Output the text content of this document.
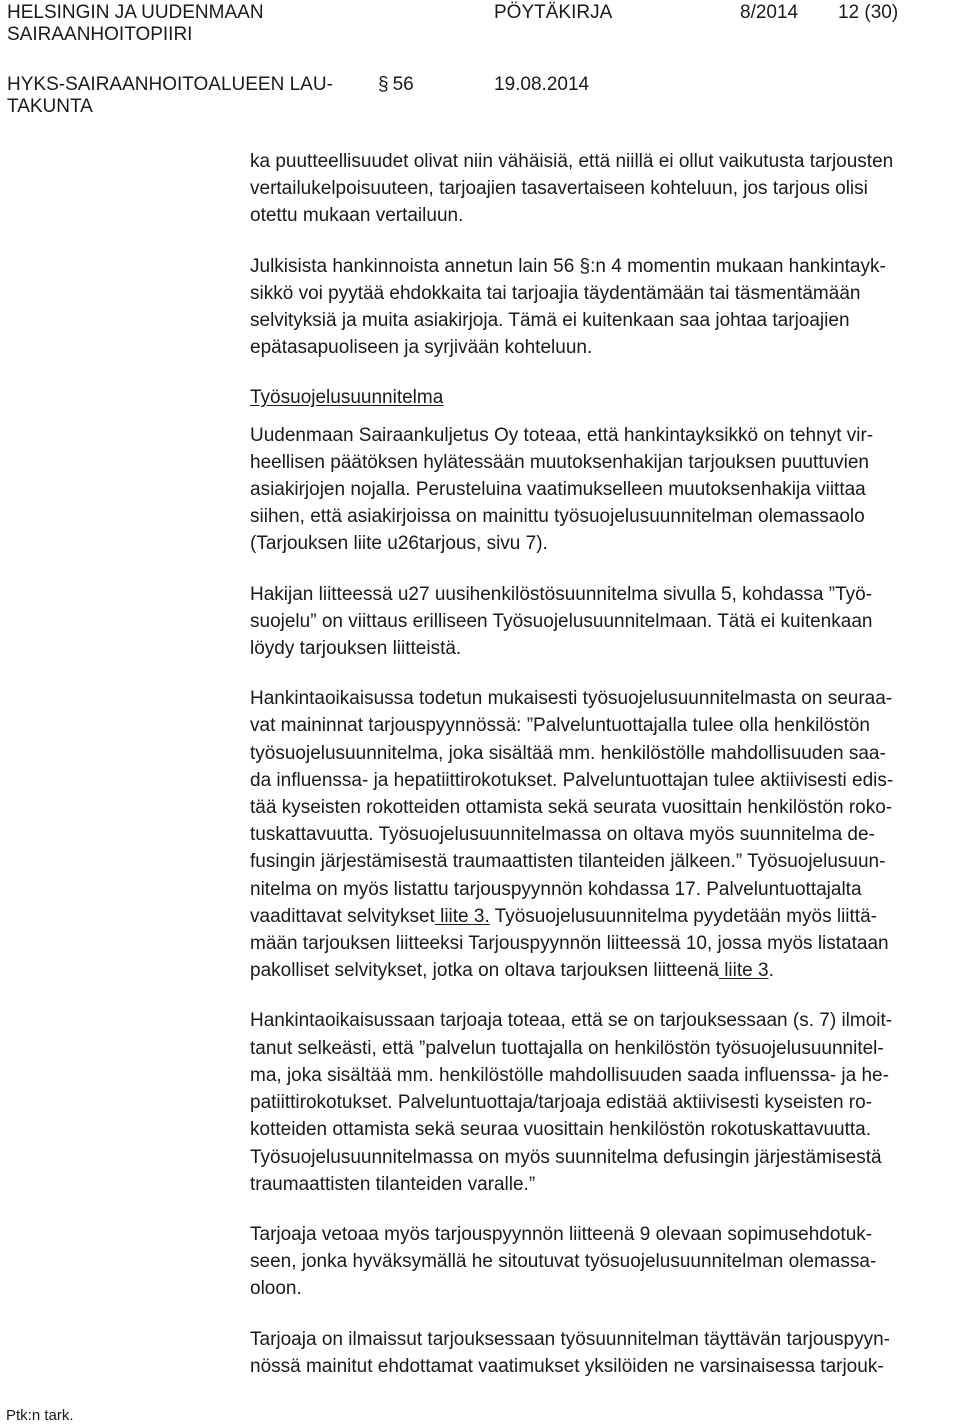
HELSINGIN JA UUDENMAAN
SAIRAANHOITOPIIRI
PÖYTÄKIRJA	8/2014 12 (30)
HYKS-SAIRAANHOITOALUEEN LAU-
TAKUNTA
§ 56	19.08.2014
ka puutteellisuudet olivat niin vähäisiä, että niillä ei ollut vaikutusta tarjousten
vertailukelpoisuuteen, tarjoajien tasavertaiseen kohteluun, jos tarjous olisi
otettu mukaan vertailuun.
Julkisista hankinnoista annetun lain 56 §:n 4 momentin mukaan hankintayk-
sikkö voi pyytää ehdokkaita tai tarjoajia täydentämään tai täsmentämään
selvityksiä ja muita asiakirjoja. Tämä ei kuitenkaan saa johtaa tarjoajien
epätasapuoliseen ja syrjivään kohteluun.
Työsuojelusuunnitelma
Uudenmaan Sairaankuljetus Oy toteaa, että hankintayksikkö on tehnyt vir-
heellisen päätöksen hylätessään muutoksenhakijan tarjouksen puuttuvien
asiakirjojen nojalla. Perusteluina vaatimukselleen muutoksenhakija viittaa
siihen, että asiakirjoissa on mainittu työsuojelusuunnitelman olemassaolo
(Tarjouksen liite u26tarjous, sivu 7).
Hakijan liitteessä u27 uusihenkilöstösuunnitelma sivulla 5, kohdassa ”Työ-
suojelu” on viittaus erilliseen Työsuojelusuunnitelmaan. Tätä ei kuitenkaan
löydy tarjouksen liitteistä.
Hankintaoikaisussa todetun mukaisesti työsuojelusuunnitelmasta on seuraa-
vat maininnat tarjouspyynnössä: ”Palveluntuottajalla tulee olla henkilöstön
työsuojelusuunnitelma, joka sisältää mm. henkilöstölle mahdollisuuden saa-
da influenssa- ja hepatiittirokotukset. Palveluntuottajan tulee aktiivisesti edis-
tää kyseisten rokotteiden ottamista sekä seurata vuosittain henkilöstön roko-
tuskattavuutta. Työsuojelusuunnitelmassa on oltava myös suunnitelma de-
fusingin järjestämisestä traumaattisten tilanteiden jälkeen.” Työsuojelusuun-
nitelma on myös listattu tarjouspyynnön kohdassa 17. Palveluntuottajalta
vaadittavat selvitykset liite 3. Työsuojelusuunnitelma pyydetään myös liittä-
mään tarjouksen liitteeksi Tarjouspyynnön liitteessä 10, jossa myös listataan
pakolliset selvitykset, jotka on oltava tarjouksen liitteenä liite 3.
Hankintaoikaisussaan tarjoaja toteaa, että se on tarjouksessaan (s. 7) ilmoit-
tanut selkeästi, että ”palvelun tuottajalla on henkilöstön työsuojelusuunnitel-
ma, joka sisältää mm. henkilöstölle mahdollisuuden saada influenssa- ja he-
patiittirokotukset. Palveluntuottaja/tarjoaja edistää aktiivisesti kyseisten ro-
kotteiden ottamista sekä seuraa vuosittain henkilöstön rokotuskattavuutta.
Työsuojelusuunnitelmassa on myös suunnitelma defusingin järjestämisestä
traumaattisten tilanteiden varalle.”
Tarjoaja vetoaa myös tarjouspyynnön liitteenä 9 olevaan sopimusehdotuk-
seen, jonka hyväksymällä he sitoutuvat työsuojelusuunnitelman olemassa-
oloon.
Tarjoaja on ilmaissut tarjouksessaan työsuunnitelman täyttävän tarjouspyyn-
nössä mainitut ehdottamat vaatimukset yksilöiden ne varsinaisessa tarjouk-
Ptk:n tark.
